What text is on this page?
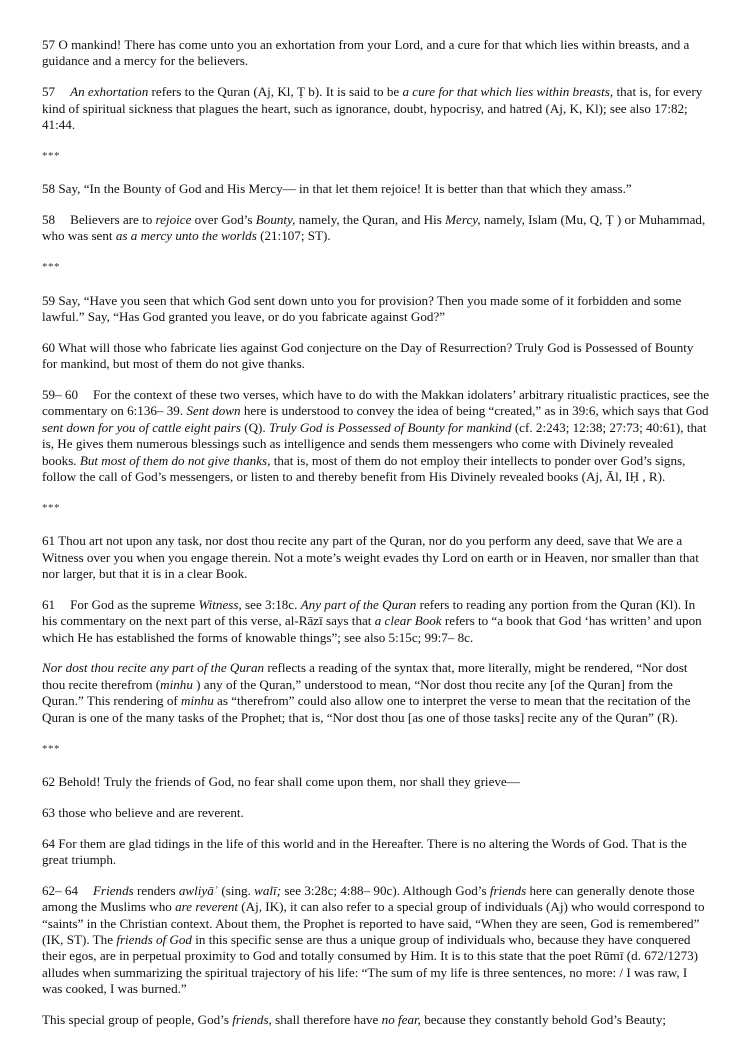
57 O mankind! There has come unto you an exhortation from your Lord, and a cure for that which lies within breasts, and a guidance and a mercy for the believers.

57 An exhortation refers to the Quran (Aj, Kl, Ṭ b). It is said to be a cure for that which lies within breasts, that is, for every kind of spiritual sickness that plagues the heart, such as ignorance, doubt, hypocrisy, and hatred (Aj, K, Kl); see also 17:82; 41:44.

***

58 Say, “In the Bounty of God and His Mercy— in that let them rejoice! It is better than that which they amass.”

58 Believers are to rejoice over God’s Bounty, namely, the Quran, and His Mercy, namely, Islam (Mu, Q, Ṭ ) or Muhammad, who was sent as a mercy unto the worlds (21:107; ST).

***

59 Say, “Have you seen that which God sent down unto you for provision? Then you made some of it forbidden and some lawful.” Say, “Has God granted you leave, or do you fabricate against God?”

60 What will those who fabricate lies against God conjecture on the Day of Resurrection? Truly God is Possessed of Bounty for mankind, but most of them do not give thanks.

59– 60 For the context of these two verses, which have to do with the Makkan idolaters’ arbitrary ritualistic practices, see the commentary on 6:136– 39. Sent down here is understood to convey the idea of being “created,” as in 39:6, which says that God sent down for you of cattle eight pairs (Q). Truly God is Possessed of Bounty for mankind (cf. 2:243; 12:38; 27:73; 40:61), that is, He gives them numerous blessings such as intelligence and sends them messengers who come with Divinely revealed books. But most of them do not give thanks, that is, most of them do not employ their intellects to ponder over God’s signs, follow the call of God’s messengers, or listen to and thereby benefit from His Divinely revealed books (Aj, Āl, IḤ , R).

***

61 Thou art not upon any task, nor dost thou recite any part of the Quran, nor do you perform any deed, save that We are a Witness over you when you engage therein. Not a mote’s weight evades thy Lord on earth or in Heaven, nor smaller than that nor larger, but that it is in a clear Book.

61 For God as the supreme Witness, see 3:18c. Any part of the Quran refers to reading any portion from the Quran (Kl). In his commentary on the next part of this verse, al-Rāzī says that a clear Book refers to “a book that God ‘has written’ and upon which He has established the forms of knowable things”; see also 5:15c; 99:7– 8c.

Nor dost thou recite any part of the Quran reflects a reading of the syntax that, more literally, might be rendered, “Nor dost thou recite therefrom (minhu ) any of the Quran,” understood to mean, “Nor dost thou recite any [of the Quran] from the Quran.” This rendering of minhu as “therefrom” could also allow one to interpret the verse to mean that the recitation of the Quran is one of the many tasks of the Prophet; that is, “Nor dost thou [as one of those tasks] recite any of the Quran” (R).

***

62 Behold! Truly the friends of God, no fear shall come upon them, nor shall they grieve—

63 those who believe and are reverent.

64 For them are glad tidings in the life of this world and in the Hereafter. There is no altering the Words of God. That is the great triumph.

62– 64 Friends renders awliyāʾ (sing. walī; see 3:28c; 4:88– 90c). Although God’s friends here can generally denote those among the Muslims who are reverent (Aj, IK), it can also refer to a special group of individuals (Aj) who would correspond to “saints” in the Christian context. About them, the Prophet is reported to have said, “When they are seen, God is remembered” (IK, ST). The friends of God in this specific sense are thus a unique group of individuals who, because they have conquered their egos, are in perpetual proximity to God and totally consumed by Him. It is to this state that the poet Rūmī (d. 672/1273) alludes when summarizing the spiritual trajectory of his life: “The sum of my life is three sentences, no more: / I was raw, I was cooked, I was burned.”

This special group of people, God’s friends, shall therefore have no fear, because they constantly behold God’s Beauty;
